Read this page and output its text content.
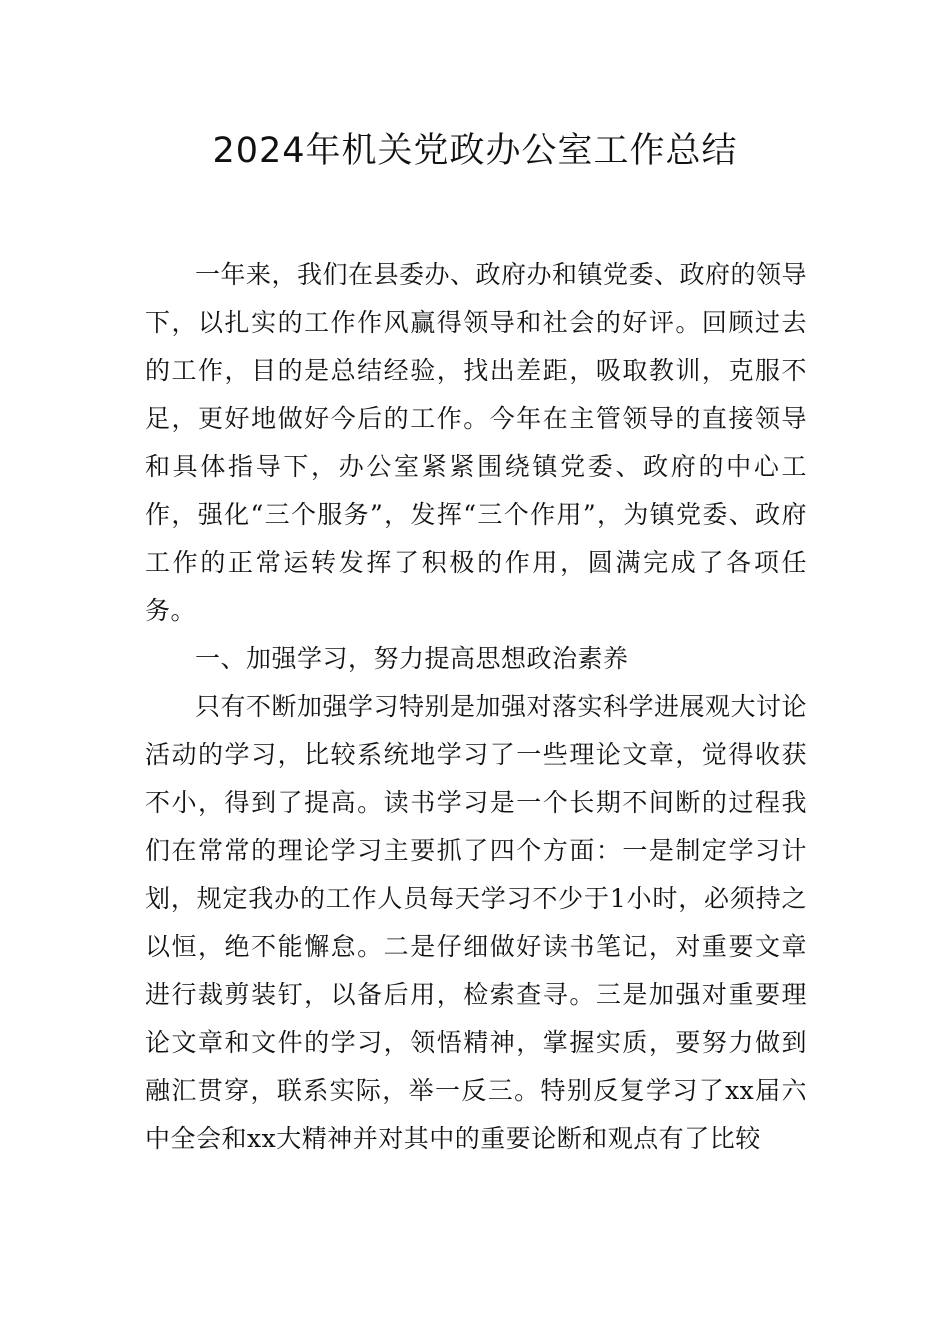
2024年机关党政办公室工作总结

一年来，我们在县委办、政府办和镇党委、政府的领导下，以扎实的工作作风赢得领导和社会的好评。回顾过去的工作，目的是总结经验，找出差距，吸取教训，克服不足，更好地做好今后的工作。今年在主管领导的直接领导和具体指导下，办公室紧紧围绕镇党委、政府的中心工作，强化“三个服务”，发挥“三个作用”，为镇党委、政府工作的正常运转发挥了积极的作用，圆满完成了各项任务。

一、加强学习，努力提高思想政治素养

只有不断加强学习特别是加强对落实科学进展观大讨论活动的学习，比较系统地学习了一些理论文章，觉得收获不小，得到了提高。读书学习是一个长期不间断的过程我们在常常的理论学习主要抓了四个方面：一是制定学习计划，规定我办的工作人员每天学习不少于1小时，必须持之以恒，绝不能懈怠。二是仔细做好读书笔记，对重要文章进行裁剪装钉，以备后用，检索查寻。三是加强对重要理论文章和文件的学习，领悟精神，掌握实质，要努力做到融汇贯穿，联系实际，举一反三。特别反复学习了xx届六中全会和xx大精神并对其中的重要论断和观点有了比较
